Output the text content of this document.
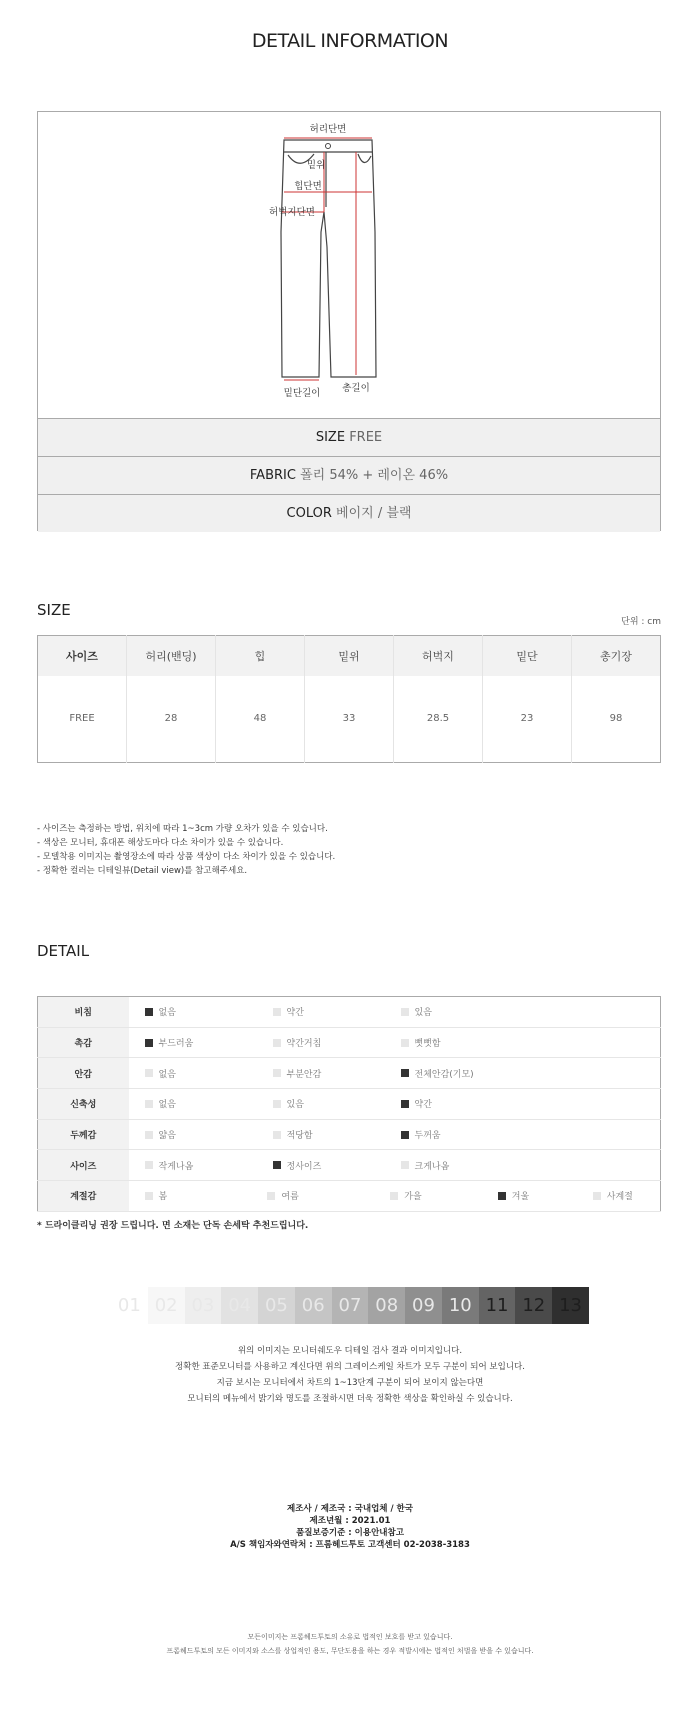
DETAIL INFORMATION
허리단면
밑위
힙단면
허벅지단면
밑단길이 총길이
SIZE FREE
FABRIC 폴리 54% + 레이온 46%
COLOR 베이지 / 블랙
SIZE
단위 : cm
사이즈	허리(밴딩)	힙	밑위	허벅지	밑단	총기장
FREE	28	48	33	28.5	23	98
- 사이즈는 측정하는 방법, 위치에 따라 1~3cm 가량 오차가 있을 수 있습니다.
- 색상은 모니터, 휴대폰 해상도마다 다소 차이가 있을 수 있습니다.
- 모델착용 이미지는 촬영장소에 따라 상품 색상이 다소 차이가 있을 수 있습니다.
- 정확한 컬러는 디테일뷰(Detail view)를 참고해주세요.
DETAIL
비침	없음 약간 있음

촉감	부드러움 약간거침 뻣뻣함

안감	없음 부분안감 전체안감(기모)

신축성	없음 있음 약간

두께감	얇음 적당함 두꺼움

사이즈	작게나옴 정사이즈 크게나옴

계절감	봄 여름 가을 겨울 사계절
* 드라이클리닝 권장 드립니다. 면 소재는 단독 손세탁 추천드립니다.
01 02 03 04 05 06 07 08 09 10 11 12 13
위의 이미지는 모니터쉐도우 디테일 검사 결과 이미지입니다.
정확한 표준모니터를 사용하고 계신다면 위의 그레이스케일 차트가 모두 구분이 되어 보입니다.
지금 보시는 모니터에서 차트의 1~13단계 구분이 되어 보이지 않는다면
모니터의 메뉴에서 밝기와 명도를 조절하시면 더욱 정확한 색상을 확인하실 수 있습니다.
제조사 / 제조국 : 국내업체 / 한국
제조년월 : 2021.01
품질보증기준 : 이용안내참고
A/S 책임자와연락처 : 프롬헤드투토 고객센터 02-2038-3183
모든이미지는 프롬헤드투토의 소유로 법적인 보호를 받고 있습니다.
프롬헤드투토의 모든 이미지와 소스를 상업적인 용도, 무단도용을 하는 경우 적발시에는 법적인 처벌을 받을 수 있습니다.
